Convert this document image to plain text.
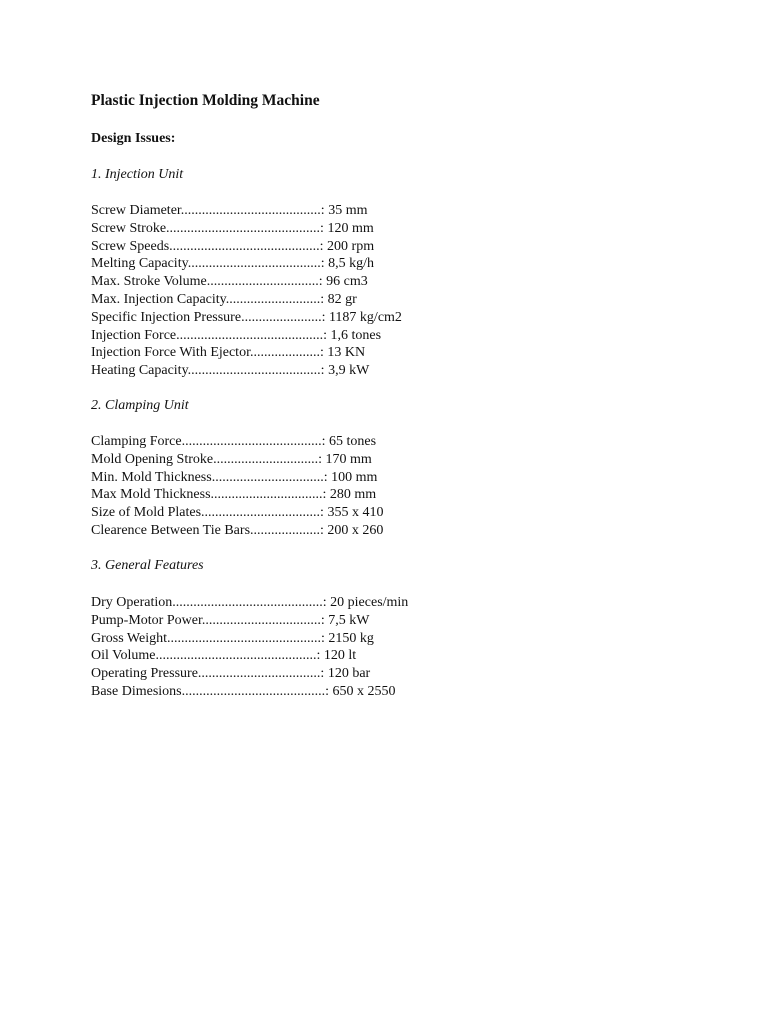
Plastic Injection Molding Machine
Design Issues:
1. Injection Unit
Screw Diameter........................................: 35 mm
Screw Stroke............................................: 120 mm
Screw Speeds...........................................: 200 rpm
Melting Capacity......................................: 8,5 kg/h
Max. Stroke Volume................................: 96 cm3
Max. Injection Capacity...........................: 82 gr
Specific Injection Pressure.......................: 1187 kg/cm2
Injection Force..........................................: 1,6 tones
Injection Force With Ejector....................: 13 KN
Heating Capacity......................................: 3,9 kW
2. Clamping Unit
Clamping Force........................................: 65 tones
Mold Opening Stroke..............................: 170 mm
Min. Mold Thickness................................: 100 mm
Max Mold Thickness................................: 280 mm
Size of Mold Plates..................................: 355 x 410
Clearence Between Tie Bars....................: 200 x 260
3. General Features
Dry Operation...........................................: 20 pieces/min
Pump-Motor Power..................................: 7,5 kW
Gross Weight............................................: 2150 kg
Oil Volume..............................................: 120 lt
Operating Pressure...................................: 120 bar
Base Dimesions.........................................: 650 x 2550
